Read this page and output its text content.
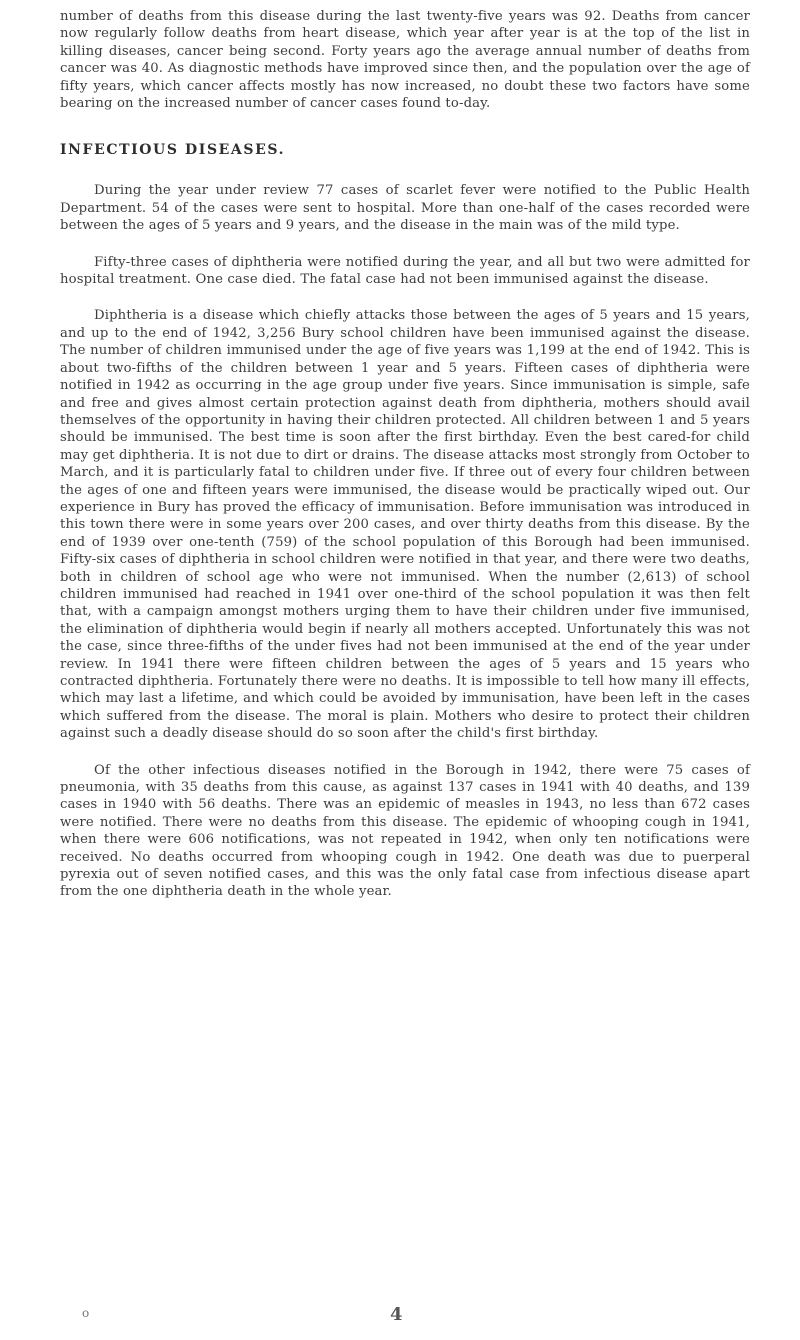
number of deaths from this disease during the last twenty-five years was 92. Deaths from cancer now regularly follow deaths from heart disease, which year after year is at the top of the list in killing diseases, cancer being second. Forty years ago the average annual number of deaths from cancer was 40. As diagnostic methods have improved since then, and the population over the age of fifty years, which cancer affects mostly has now increased, no doubt these two factors have some bearing on the increased number of cancer cases found to-day.

INFECTIOUS DISEASES.

During the year under review 77 cases of scarlet fever were notified to the Public Health Department. 54 of the cases were sent to hospital. More than one-half of the cases recorded were between the ages of 5 years and 9 years, and the disease in the main was of the mild type.

Fifty-three cases of diphtheria were notified during the year, and all but two were admitted for hospital treatment. One case died. The fatal case had not been immunised against the disease.

Diphtheria is a disease which chiefly attacks those between the ages of 5 years and 15 years, and up to the end of 1942, 3,256 Bury school children have been immunised against the disease. The number of children immunised under the age of five years was 1,199 at the end of 1942. This is about two-fifths of the children between 1 year and 5 years. Fifteen cases of diphtheria were notified in 1942 as occurring in the age group under five years. Since immunisation is simple, safe and free and gives almost certain protection against death from diphtheria, mothers should avail themselves of the opportunity in having their children protected. All children between 1 and 5 years should be immunised. The best time is soon after the first birthday. Even the best cared-for child may get diphtheria. It is not due to dirt or drains. The disease attacks most strongly from October to March, and it is particularly fatal to children under five. If three out of every four children between the ages of one and fifteen years were immunised, the disease would be practically wiped out. Our experience in Bury has proved the efficacy of immunisation. Before immunisation was introduced in this town there were in some years over 200 cases, and over thirty deaths from this disease. By the end of 1939 over one-tenth (759) of the school population of this Borough had been immunised. Fifty-six cases of diphtheria in school children were notified in that year, and there were two deaths, both in children of school age who were not immunised. When the number (2,613) of school children immunised had reached in 1941 over one-third of the school population it was then felt that, with a campaign amongst mothers urging them to have their children under five immunised, the elimination of diphtheria would begin if nearly all mothers accepted. Unfortunately this was not the case, since three-fifths of the under fives had not been immunised at the end of the year under review. In 1941 there were fifteen children between the ages of 5 years and 15 years who contracted diphtheria. Fortunately there were no deaths. It is impossible to tell how many ill effects, which may last a lifetime, and which could be avoided by immunisation, have been left in the cases which suffered from the disease. The moral is plain. Mothers who desire to protect their children against such a deadly disease should do so soon after the child's first birthday.

Of the other infectious diseases notified in the Borough in 1942, there were 75 cases of pneumonia, with 35 deaths from this cause, as against 137 cases in 1941 with 40 deaths, and 139 cases in 1940 with 56 deaths. There was an epidemic of measles in 1943, no less than 672 cases were notified. There were no deaths from this disease. The epidemic of whooping cough in 1941, when there were 606 notifications, was not repeated in 1942, when only ten notifications were received. No deaths occurred from whooping cough in 1942. One death was due to puerperal pyrexia out of seven notified cases, and this was the only fatal case from infectious disease apart from the one diphtheria death in the whole year.

o	4
